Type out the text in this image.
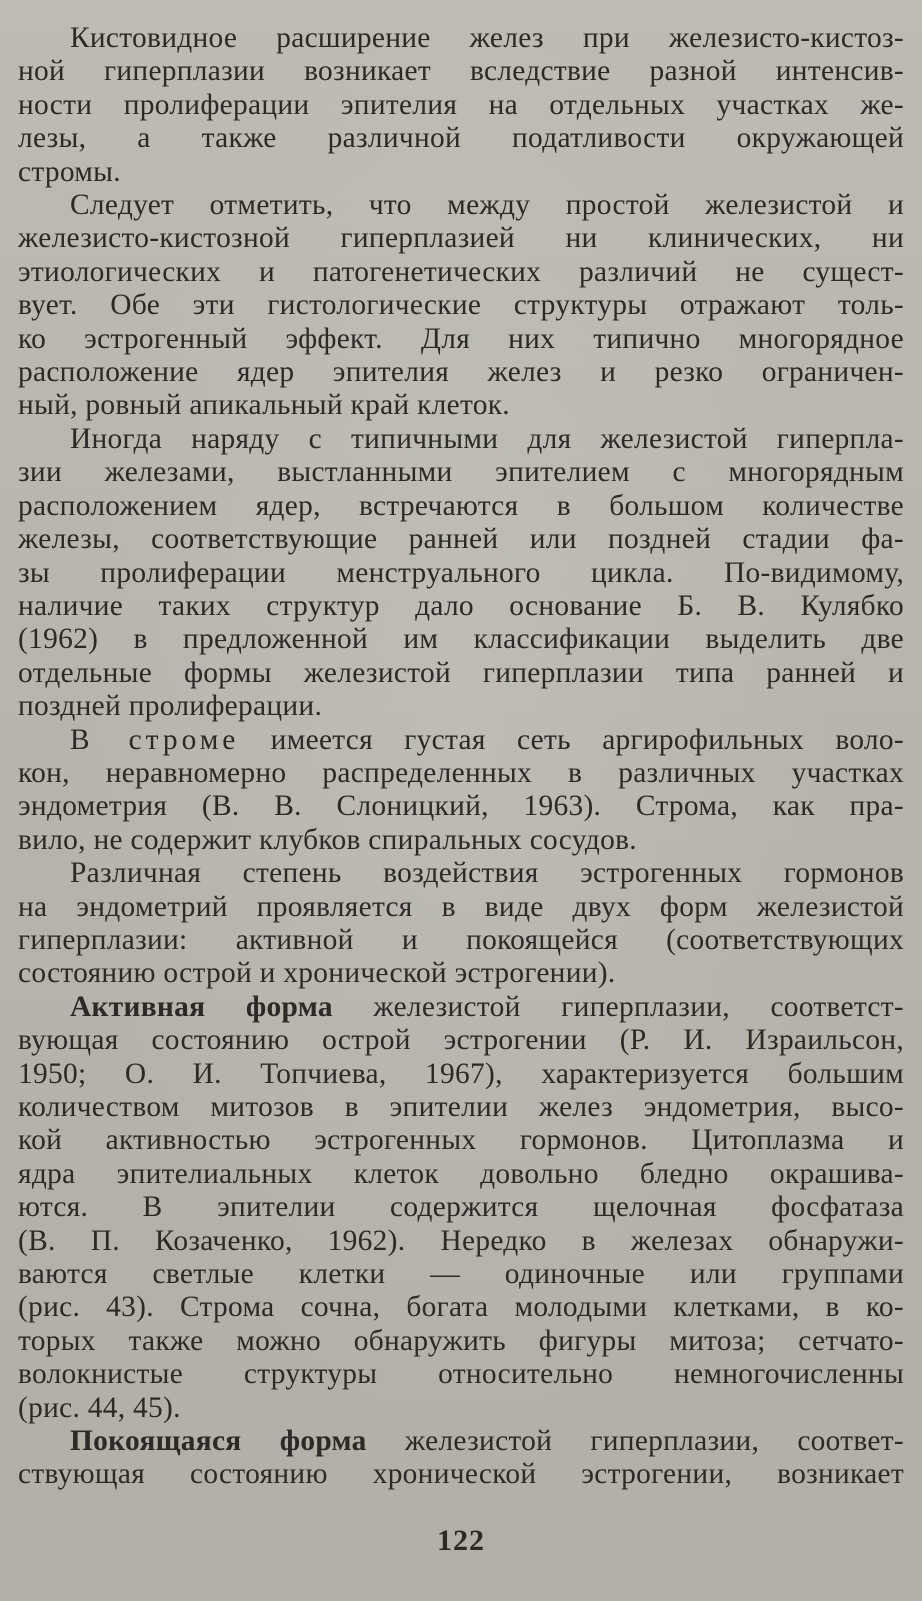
Кистовидное расширение желез при железисто-кистоз-
ной гиперплазии возникает вследствие разной интенсив-
ности пролиферации эпителия на отдельных участках же-
лезы, а также различной податливости окружающей
стромы.
Следует отметить, что между простой железистой и
железисто-кистозной гиперплазией ни клинических, ни
этиологических и патогенетических различий не сущест-
вует. Обе эти гистологические структуры отражают толь-
ко эстрогенный эффект. Для них типично многорядное
расположение ядер эпителия желез и резко ограничен-
ный, ровный апикальный край клеток.
Иногда наряду с типичными для железистой гиперпла-
зии железами, выстланными эпителием с многорядным
расположением ядер, встречаются в большом количестве
железы, соответствующие ранней или поздней стадии фа-
зы пролиферации менструального цикла. По-видимому,
наличие таких структур дало основание Б. В. Кулябко
(1962) в предложенной им классификации выделить две
отдельные формы железистой гиперплазии типа ранней и
поздней пролиферации.
В строме имеется густая сеть аргирофильных воло-
кон, неравномерно распределенных в различных участках
эндометрия (В. В. Слоницкий, 1963). Строма, как пра-
вило, не содержит клубков спиральных сосудов.
Различная степень воздействия эстрогенных гормонов
на эндометрий проявляется в виде двух форм железистой
гиперплазии: активной и покоящейся (соответствующих
состоянию острой и хронической эстрогении).
Активная форма железистой гиперплазии, соответст-
вующая состоянию острой эстрогении (Р. И. Израильсон,
1950; О. И. Топчиева, 1967), характеризуется большим
количеством митозов в эпителии желез эндометрия, высо-
кой активностью эстрогенных гормонов. Цитоплазма и
ядра эпителиальных клеток довольно бледно окрашива-
ются. В эпителии содержится щелочная фосфатаза
(В. П. Козаченко, 1962). Нередко в железах обнаружи-
ваются светлые клетки — одиночные или группами
(рис. 43). Строма сочна, богата молодыми клетками, в ко-
торых также можно обнаружить фигуры митоза; сетчато-
волокнистые структуры относительно немногочисленны
(рис. 44, 45).
Покоящаяся форма железистой гиперплазии, соответ-
ствующая состоянию хронической эстрогении, возникает
122
